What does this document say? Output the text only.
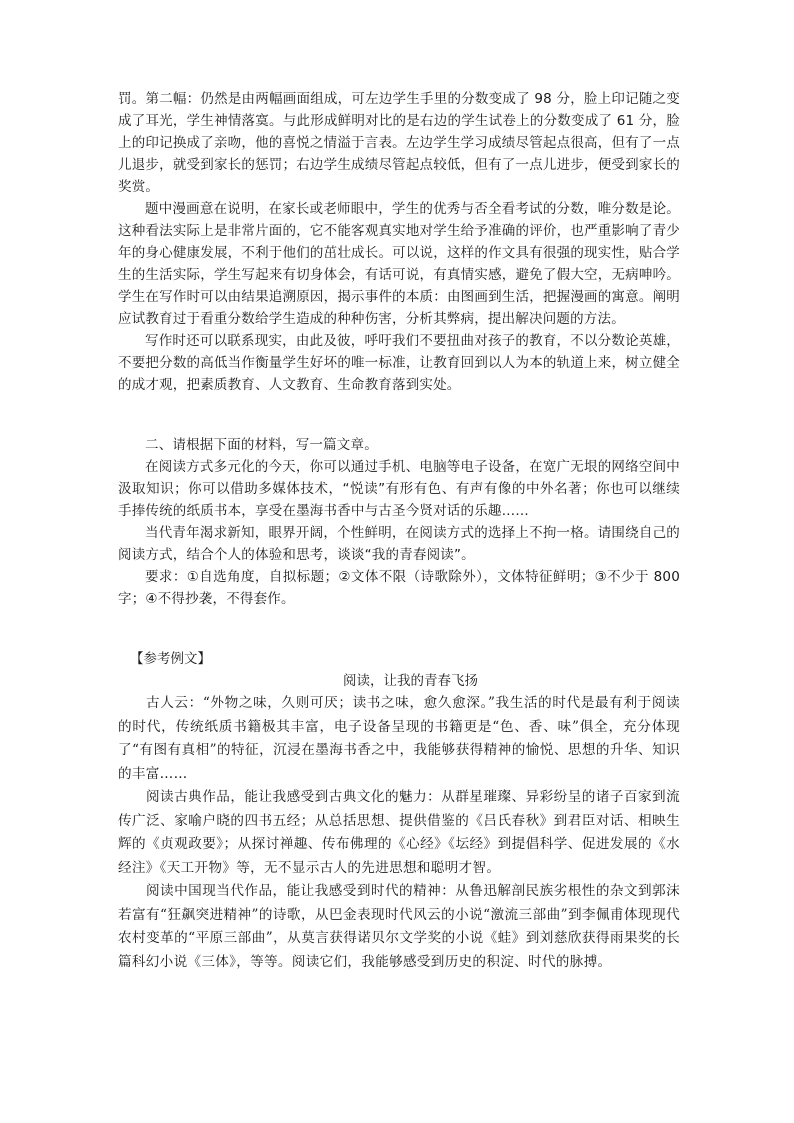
罚。第二幅：仍然是由两幅画面组成，可左边学生手里的分数变成了 98 分，脸上印记随之变成了耳光，学生神情落寞。与此形成鲜明对比的是右边的学生试卷上的分数变成了 61 分，脸上的印记换成了亲吻，他的喜悦之情溢于言表。左边学生学习成绩尽管起点很高，但有了一点儿退步，就受到家长的惩罚；右边学生成绩尽管起点较低，但有了一点儿进步，便受到家长的奖赏。

题中漫画意在说明，在家长或老师眼中，学生的优秀与否全看考试的分数，唯分数是论。这种看法实际上是非常片面的，它不能客观真实地对学生给予准确的评价，也严重影响了青少年的身心健康发展，不利于他们的茁壮成长。可以说，这样的作文具有很强的现实性，贴合学生的生活实际，学生写起来有切身体会，有话可说，有真情实感，避免了假大空，无病呻吟。学生在写作时可以由结果追溯原因，揭示事件的本质：由图画到生活，把握漫画的寓意。阐明应试教育过于看重分数给学生造成的种种伤害，分析其弊病，提出解决问题的方法。

写作时还可以联系现实，由此及彼，呼吁我们不要扭曲对孩子的教育，不以分数论英雄，不要把分数的高低当作衡量学生好坏的唯一标准，让教育回到以人为本的轨道上来，树立健全的成才观，把素质教育、人文教育、生命教育落到实处。

二、请根据下面的材料，写一篇文章。

在阅读方式多元化的今天，你可以通过手机、电脑等电子设备，在宽广无垠的网络空间中汲取知识；你可以借助多媒体技术，“悦读”有形有色、有声有像的中外名著；你也可以继续手捧传统的纸质书本，享受在墨海书香中与古圣今贤对话的乐趣……

当代青年渴求新知，眼界开阔，个性鲜明，在阅读方式的选择上不拘一格。请围绕自己的阅读方式，结合个人的体验和思考，谈谈“我的青春阅读”。

要求：①自选角度，自拟标题；②文体不限（诗歌除外），文体特征鲜明；③不少于 800 字；④不得抄袭，不得套作。

【参考例文】

阅读，让我的青春飞扬

古人云：“外物之味，久则可厌；读书之味，愈久愈深。”我生活的时代是最有利于阅读的时代，传统纸质书籍极其丰富，电子设备呈现的书籍更是“色、香、味”俱全，充分体现了“有图有真相”的特征，沉浸在墨海书香之中，我能够获得精神的愉悦、思想的升华、知识的丰富……

阅读古典作品，能让我感受到古典文化的魅力：从群星璀璨、异彩纷呈的诸子百家到流传广泛、家喻户晓的四书五经；从总括思想、提供借鉴的《吕氏春秋》到君臣对话、相映生辉的《贞观政要》；从探讨禅趣、传布佛理的《心经》《坛经》到提倡科学、促进发展的《水经注》《天工开物》等，无不显示古人的先进思想和聪明才智。

阅读中国现当代作品，能让我感受到时代的精神：从鲁迅解剖民族劣根性的杂文到郭沫若富有“狂飙突进精神”的诗歌，从巴金表现时代风云的小说“激流三部曲”到李佩甫体现现代农村变革的“平原三部曲”，从莫言获得诺贝尔文学奖的小说《蛙》到刘慈欣获得雨果奖的长篇科幻小说《三体》，等等。阅读它们，我能够感受到历史的积淀、时代的脉搏。
